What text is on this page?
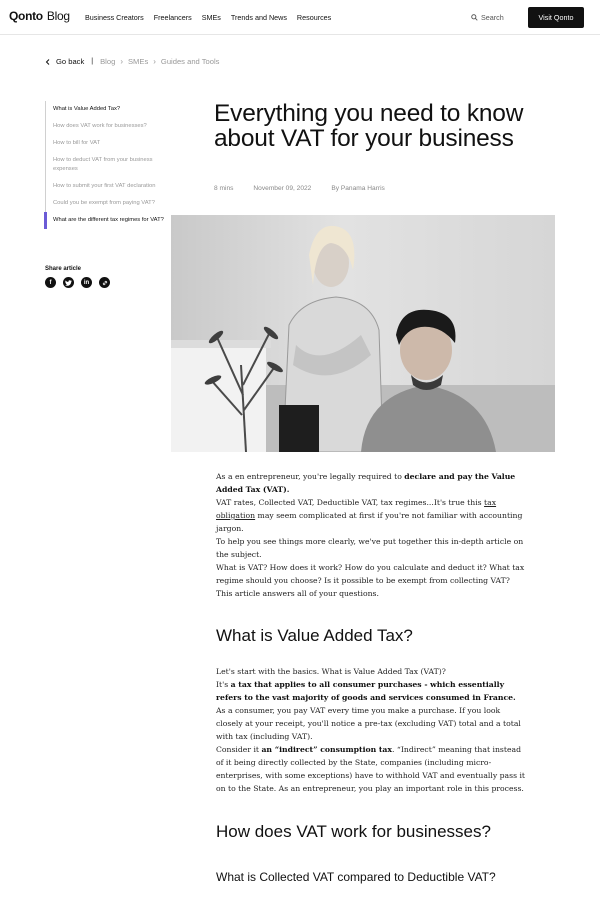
Qonto Blog Business Creators Freelancers SMEs Trends and News Resources	Search	Visit Qonto
Go back | Blog › SMEs › Guides and Tools
What is Value Added Tax?
How does VAT work for businesses?
How to bill for VAT
How to deduct VAT from your business expenses
How to submit your first VAT declaration
Could you be exempt from paying VAT?
What are the different tax regimes for VAT?
Share article
f	in
Everything you need to know about VAT for your business
8 mins	November 09, 2022	By Panama Harris

As a en entrepreneur, you're legally required to declare and pay the Value Added Tax (VAT).

VAT rates, Collected VAT, Deductible VAT, tax regimes...It's true this tax obligation may seem complicated at first if you're not familiar with accounting jargon.

To help you see things more clearly, we've put together this in-depth article on the subject.

What is VAT? How does it work? How do you calculate and deduct it? What tax regime should you choose? Is it possible to be exempt from collecting VAT?

This article answers all of your questions.

What is Value Added Tax?

Let's start with the basics. What is Value Added Tax (VAT)?

It's a tax that applies to all consumer purchases - which essentially refers to the vast majority of goods and services consumed in France.

As a consumer, you pay VAT every time you make a purchase. If you look closely at your receipt, you'll notice a pre-tax (excluding VAT) total and a total with tax (including VAT).

Consider it an “indirect” consumption tax. “Indirect” meaning that instead of it being directly collected by the State, companies (including micro-enterprises, with some exceptions) have to withhold VAT and eventually pass it on to the State. As an entrepreneur, you play an important role in this process.

How does VAT work for businesses?
What is Collected VAT compared to Deductible VAT?
